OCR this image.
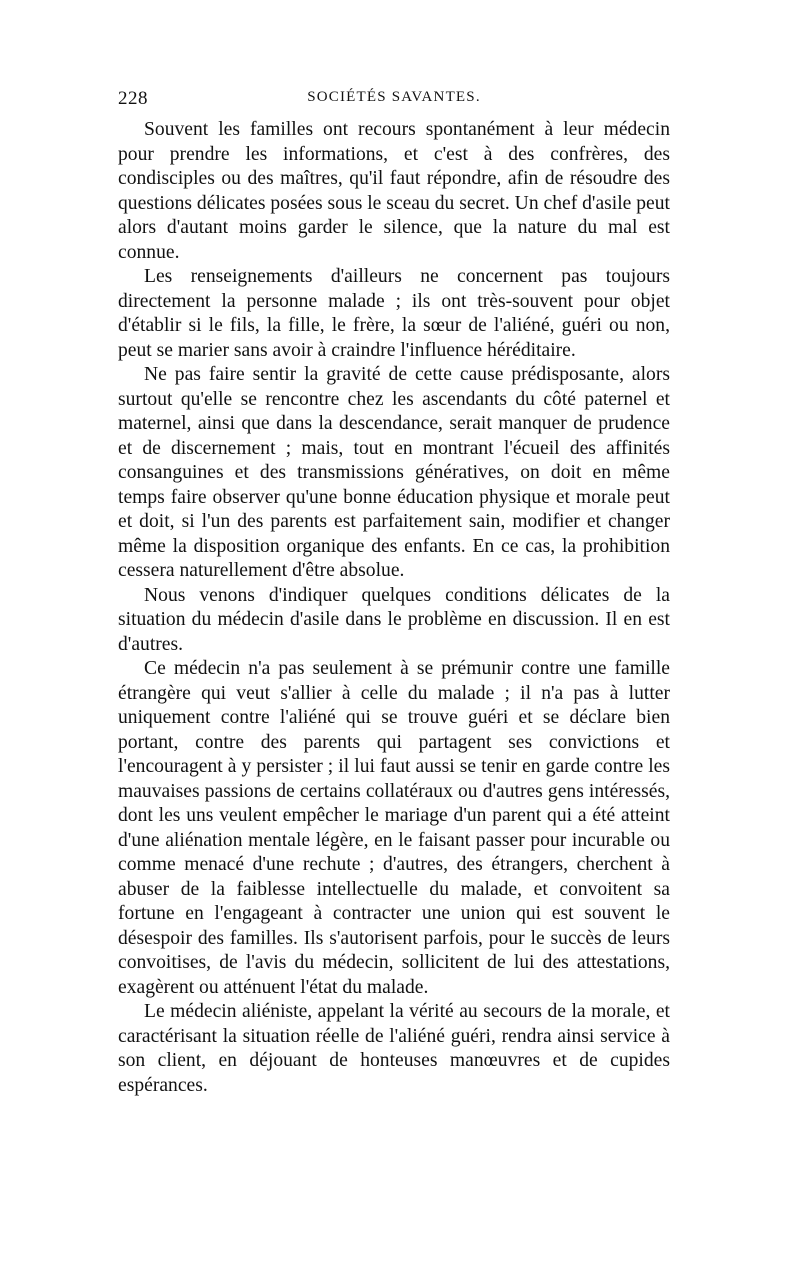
228	SOCIÉTÉS SAVANTES.

Souvent les familles ont recours spontanément à leur médecin pour prendre les informations, et c'est à des confrères, des condisciples ou des maîtres, qu'il faut répondre, afin de résoudre des questions délicates posées sous le sceau du secret. Un chef d'asile peut alors d'autant moins garder le silence, que la nature du mal est connue.

Les renseignements d'ailleurs ne concernent pas toujours directement la personne malade ; ils ont très-souvent pour objet d'établir si le fils, la fille, le frère, la sœur de l'aliéné, guéri ou non, peut se marier sans avoir à craindre l'influence héréditaire.

Ne pas faire sentir la gravité de cette cause prédisposante, alors surtout qu'elle se rencontre chez les ascendants du côté paternel et maternel, ainsi que dans la descendance, serait manquer de prudence et de discernement ; mais, tout en montrant l'écueil des affinités consanguines et des transmissions génératives, on doit en même temps faire observer qu'une bonne éducation physique et morale peut et doit, si l'un des parents est parfaitement sain, modifier et changer même la disposition organique des enfants. En ce cas, la prohibition cessera naturellement d'être absolue.

Nous venons d'indiquer quelques conditions délicates de la situation du médecin d'asile dans le problème en discussion. Il en est d'autres.

Ce médecin n'a pas seulement à se prémunir contre une famille étrangère qui veut s'allier à celle du malade ; il n'a pas à lutter uniquement contre l'aliéné qui se trouve guéri et se déclare bien portant, contre des parents qui partagent ses convictions et l'encouragent à y persister ; il lui faut aussi se tenir en garde contre les mauvaises passions de certains collatéraux ou d'autres gens intéressés, dont les uns veulent empêcher le mariage d'un parent qui a été atteint d'une aliénation mentale légère, en le faisant passer pour incurable ou comme menacé d'une rechute ; d'autres, des étrangers, cherchent à abuser de la faiblesse intellectuelle du malade, et convoitent sa fortune en l'engageant à contracter une union qui est souvent le désespoir des familles. Ils s'autorisent parfois, pour le succès de leurs convoitises, de l'avis du médecin, sollicitent de lui des attestations, exagèrent ou atténuent l'état du malade.

Le médecin aliéniste, appelant la vérité au secours de la morale, et caractérisant la situation réelle de l'aliéné guéri, rendra ainsi service à son client, en déjouant de honteuses manœuvres et de cupides espérances.
